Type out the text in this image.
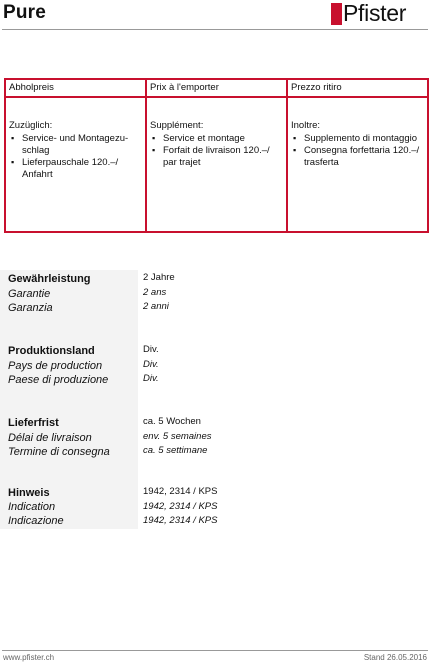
Pure	Pfister
Abholpreis
Zuzüglich:
▪ Service- und Montagezu-schlag
▪ Lieferpauschale 120.–/ Anfahrt
Prix à l'emporter
Supplément:
▪ Service et montage
▪ Forfait de livraison 120.–/ par trajet
Prezzo ritiro
Inoltre:
▪ Supplemento di montaggio
▪ Consegna forfettaria 120.–/ trasferta
Gewährleistung
Garantie
Garanzia
2 Jahre
2 ans
2 anni
Produktionsland
Pays de production
Paese di produzione
Div.
Div.
Div.
Lieferfrist
Délai de livraison
Termine di consegna
ca. 5 Wochen
env. 5 semaines
ca. 5 settimane
Hinweis
Indication
Indicazione
1942, 2314 / KPS
1942, 2314 / KPS
1942, 2314 / KPS
www.pfister.ch	Stand 26.05.2016
